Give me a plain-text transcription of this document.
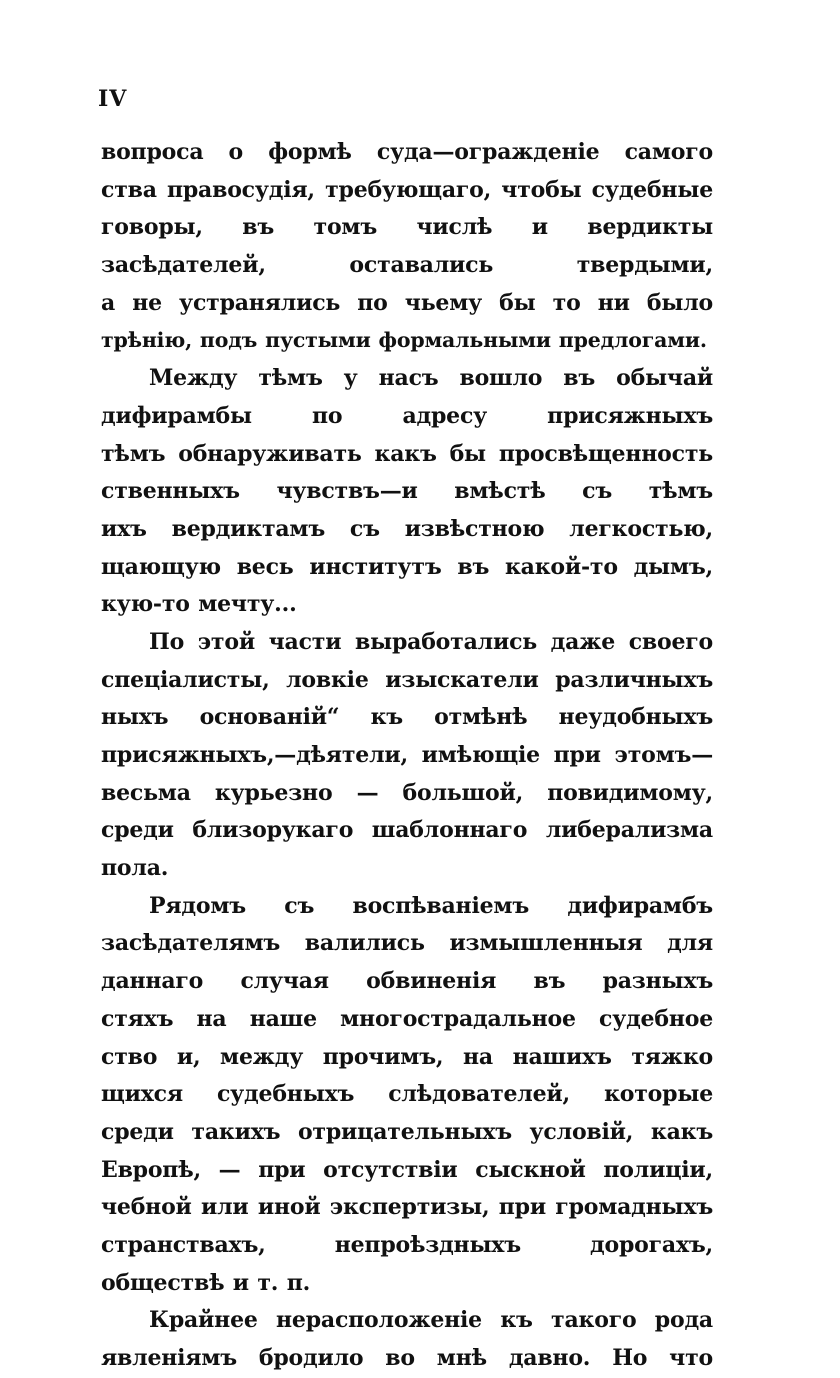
IV
вопроса о формѣ суда—огражденіе самого
ства правосудія, требующаго, чтобы судебные
говоры, въ томъ числѣ и вердикты
засѣдателей, оставались твердыми,
а не устранялись по чьему бы то ни было
трѣнію, подъ пустыми формальными предлогами.
Между тѣмъ у насъ вошло въ обычай
дифирамбы по адресу присяжныхъ
тѣмъ обнаруживать какъ бы просвѣщенность
ственныхъ чувствъ—и вмѣстѣ съ тѣмъ
ихъ вердиктамъ съ извѣстною легкостью,
щающую весь институтъ въ какой-то дымъ,
кую-то мечту...
По этой части выработались даже своего
спеціалисты, ловкіе изыскатели различныхъ
ныхъ основаній“ къ отмѣнѣ неудобныхъ
присяжныхъ,—дѣятели, имѣющіе при этомъ—
весьма курьезно — большой, повидимому,
среди близорукаго шаблоннаго либерализма
пола.
Рядомъ съ воспѣваніемъ дифирамбъ
засѣдателямъ валились измышленныя для
даннаго случая обвиненія въ разныхъ
стяхъ на наше многострадальное судебное
ство и, между прочимъ, на нашихъ тяжко
щихся судебныхъ слѣдователей, которые
среди такихъ отрицательныхъ условій, какъ
Европѣ, — при отсутствіи сыскной полиціи,
чебной или иной экспертизы, при громадныхъ
странствахъ, непроѣздныхъ дорогахъ,
обществѣ и т. п.
Крайнее нерасположеніе къ такого рода
явленіямъ бродило во мнѣ давно. Но что
